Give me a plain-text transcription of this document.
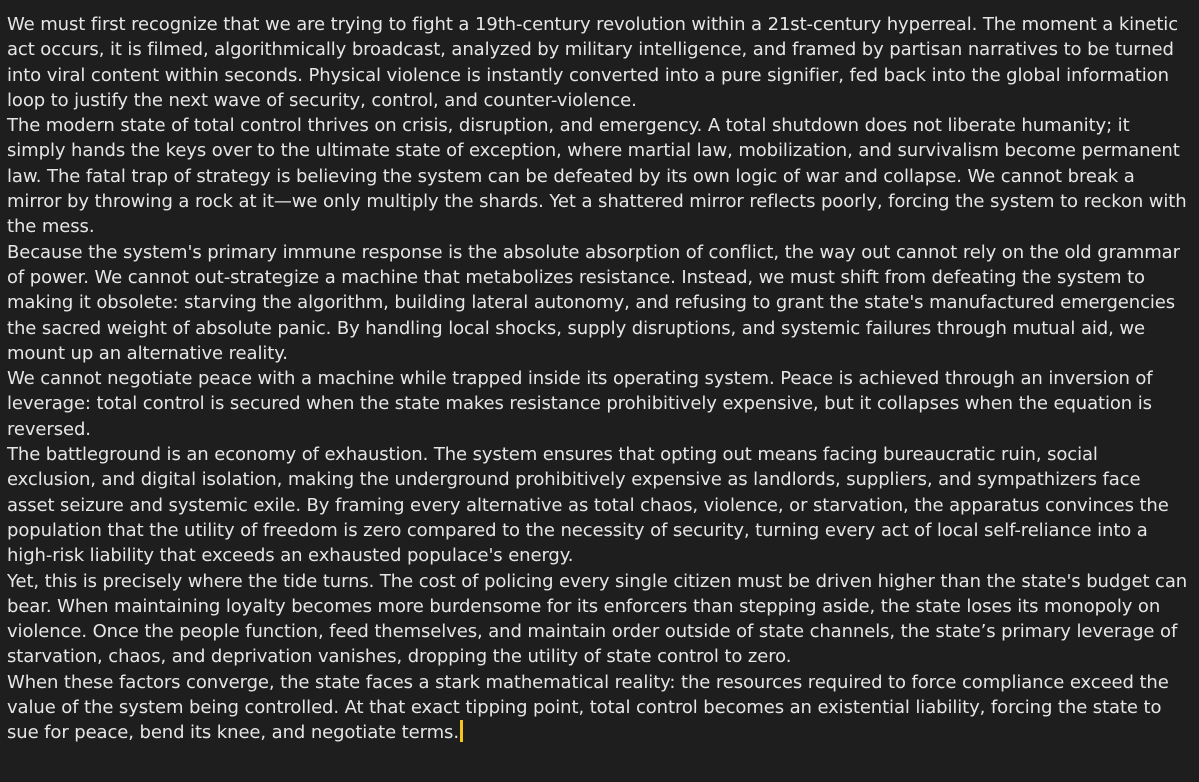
We must first recognize that we are trying to fight a 19th-century revolution within a 21st-century hyperreal. The moment a kinetic act occurs, it is filmed, algorithmically broadcast, analyzed by military intelligence, and framed by partisan narratives to be turned into viral content within seconds. Physical violence is instantly converted into a pure signifier, fed back into the global information loop to justify the next wave of security, control, and counter-violence.

The modern state of total control thrives on crisis, disruption, and emergency. A total shutdown does not liberate humanity; it simply hands the keys over to the ultimate state of exception, where martial law, mobilization, and survivalism become permanent law. The fatal trap of strategy is believing the system can be defeated by its own logic of war and collapse. We cannot break a mirror by throwing a rock at it—we only multiply the shards. Yet a shattered mirror reflects poorly, forcing the system to reckon with the mess.

Because the system's primary immune response is the absolute absorption of conflict, the way out cannot rely on the old grammar of power. We cannot out-strategize a machine that metabolizes resistance. Instead, we must shift from defeating the system to making it obsolete: starving the algorithm, building lateral autonomy, and refusing to grant the state's manufactured emergencies the sacred weight of absolute panic. By handling local shocks, supply disruptions, and systemic failures through mutual aid, we mount up an alternative reality.

We cannot negotiate peace with a machine while trapped inside its operating system. Peace is achieved through an inversion of leverage: total control is secured when the state makes resistance prohibitively expensive, but it collapses when the equation is reversed.

The battleground is an economy of exhaustion. The system ensures that opting out means facing bureaucratic ruin, social exclusion, and digital isolation, making the underground prohibitively expensive as landlords, suppliers, and sympathizers face asset seizure and systemic exile. By framing every alternative as total chaos, violence, or starvation, the apparatus convinces the population that the utility of freedom is zero compared to the necessity of security, turning every act of local self-reliance into a high-risk liability that exceeds an exhausted populace's energy.

Yet, this is precisely where the tide turns. The cost of policing every single citizen must be driven higher than the state's budget can bear. When maintaining loyalty becomes more burdensome for its enforcers than stepping aside, the state loses its monopoly on violence. Once the people function, feed themselves, and maintain order outside of state channels, the state’s primary leverage of starvation, chaos, and deprivation vanishes, dropping the utility of state control to zero.

When these factors converge, the state faces a stark mathematical reality: the resources required to force compliance exceed the value of the system being controlled. At that exact tipping point, total control becomes an existential liability, forcing the state to sue for peace, bend its knee, and negotiate terms.
